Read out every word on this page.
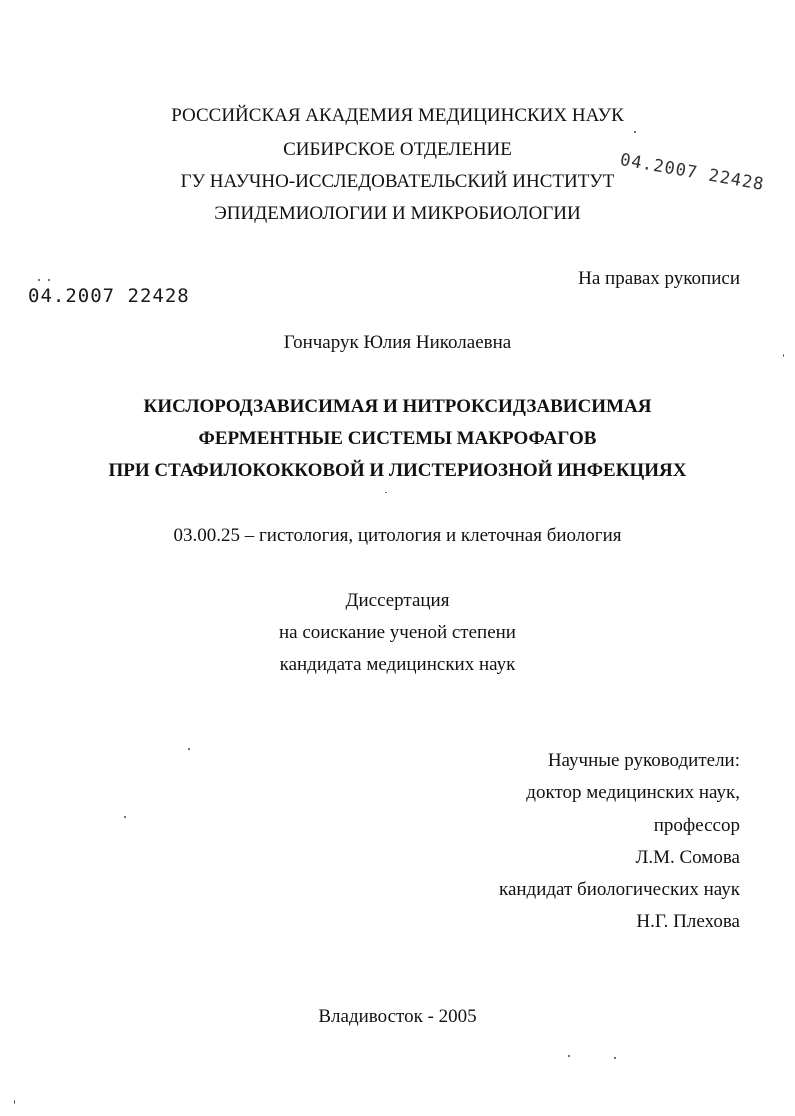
РОССИЙСКАЯ АКАДЕМИЯ МЕДИЦИНСКИХ НАУК
СИБИРСКОЕ ОТДЕЛЕНИЕ
ГУ НАУЧНО-ИССЛЕДОВАТЕЛЬСКИЙ ИНСТИТУТ
ЭПИДЕМИОЛОГИИ И МИКРОБИОЛОГИИ
04.2007 22428
04.2007 22428
На правах рукописи
Гончарук Юлия Николаевна
КИСЛОРОДЗАВИСИМАЯ И НИТРОКСИДЗАВИСИМАЯ
ФЕРМЕНТНЫЕ СИСТЕМЫ МАКРОФАГОВ
ПРИ СТАФИЛОКОККОВОЙ И ЛИСТЕРИОЗНОЙ ИНФЕКЦИЯХ
03.00.25 – гистология, цитология и клеточная биология
Диссертация
на соискание ученой степени
кандидата медицинских наук
Научные руководители:
доктор медицинских наук,
профессор
Л.М. Сомова
кандидат биологических наук
Н.Г. Плехова
Владивосток - 2005
